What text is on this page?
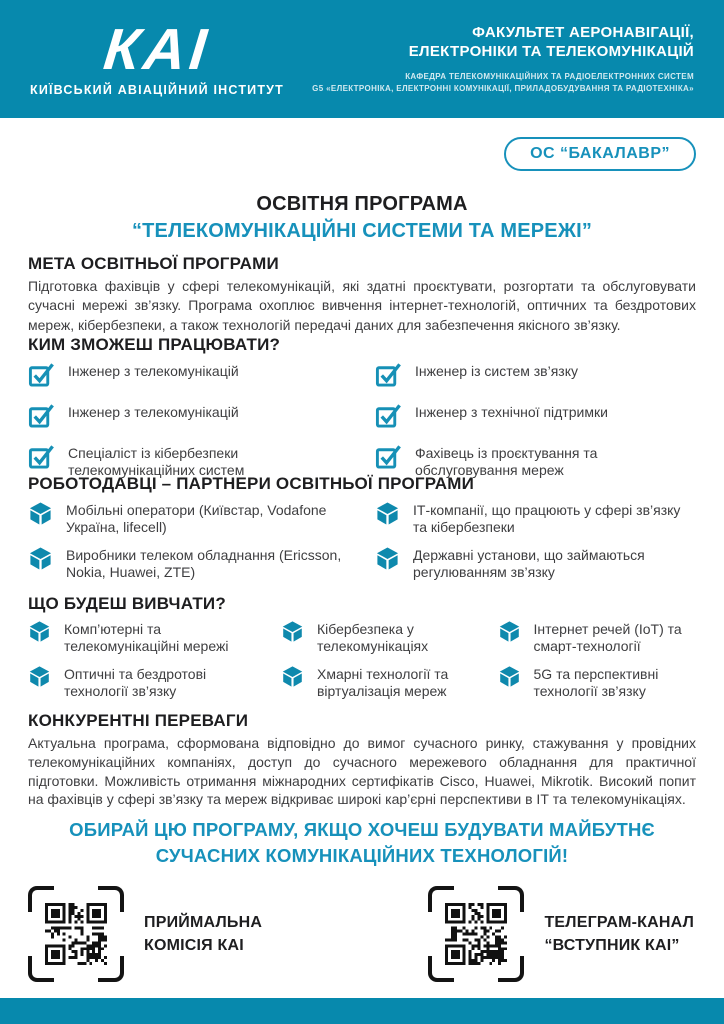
КАІ
КИЇВСЬКИЙ АВІАЦІЙНИЙ ІНСТИТУТ
ФАКУЛЬТЕТ АЕРОНАВІГАЦІЇ,
ЕЛЕКТРОНІКИ ТА ТЕЛЕКОМУНІКАЦІЙ
КАФЕДРА ТЕЛЕКОМУНІКАЦІЙНИХ ТА РАДІОЕЛЕКТРОННИХ СИСТЕМ
G5 «ЕЛЕКТРОНІКА, ЕЛЕКТРОННІ КОМУНІКАЦІЇ, ПРИЛАДОБУДУВАННЯ ТА РАДІОТЕХНІКА»
ОС “БАКАЛАВР”
ОСВІТНЯ ПРОГРАМА
“ТЕЛЕКОМУНІКАЦІЙНІ СИСТЕМИ ТА МЕРЕЖІ”
МЕТА ОСВІТНЬОЇ ПРОГРАМИ
Підготовка фахівців у сфері телекомунікацій, які здатні проєктувати, розгортати та обслуговувати сучасні мережі зв’язку. Програма охоплює вивчення інтернет-технологій, оптичних та бездротових мереж, кібербезпеки, а також технологій передачі даних для забезпечення якісного зв’язку.
КИМ ЗМОЖЕШ ПРАЦЮВАТИ?
Інженер з телекомунікацій
Інженер з телекомунікацій
Спеціаліст із кібербезпеки телекомунікаційних систем
Інженер із систем зв’язку
Інженер з технічної підтримки
Фахівець із проєктування та обслуговування мереж
РОБОТОДАВЦІ – ПАРТНЕРИ ОСВІТНЬОЇ ПРОГРАМИ
Мобільні оператори (Київстар, Vodafone Україна, lifecell)
Виробники телеком обладнання (Ericsson, Nokia, Huawei, ZTE)
ІТ-компанії, що працюють у сфері зв’язку та кібербезпеки
Державні установи, що займаються регулюванням зв’язку
ЩО БУДЕШ ВИВЧАТИ?
Комп’ютерні та телекомунікаційні мережі
Оптичні та бездротові технології зв’язку
Кібербезпека у телекомунікаціях
Хмарні технології та віртуалізація мереж
Інтернет речей (IoT) та смарт-технології
5G та перспективні технології зв’язку
КОНКУРЕНТНІ ПЕРЕВАГИ
Актуальна програма, сформована відповідно до вимог сучасного ринку, стажування у провідних телекомунікаційних компаніях, доступ до сучасного мережевого обладнання для практичної підготовки. Можливість отримання міжнародних сертифікатів Cisco, Huawei, Mikrotik. Високий попит на фахівців у сфері зв’язку та мереж відкриває широкі кар’єрні перспективи в ІТ та телекомунікаціях.
ОБИРАЙ ЦЮ ПРОГРАМУ, ЯКЩО ХОЧЕШ БУДУВАТИ МАЙБУТНЄ
СУЧАСНИХ КОМУНІКАЦІЙНИХ ТЕХНОЛОГІЙ!
ПРИЙМАЛЬНА
КОМІСІЯ КАІ
ТЕЛЕГРАМ-КАНАЛ
“ВСТУПНИК КАІ”
